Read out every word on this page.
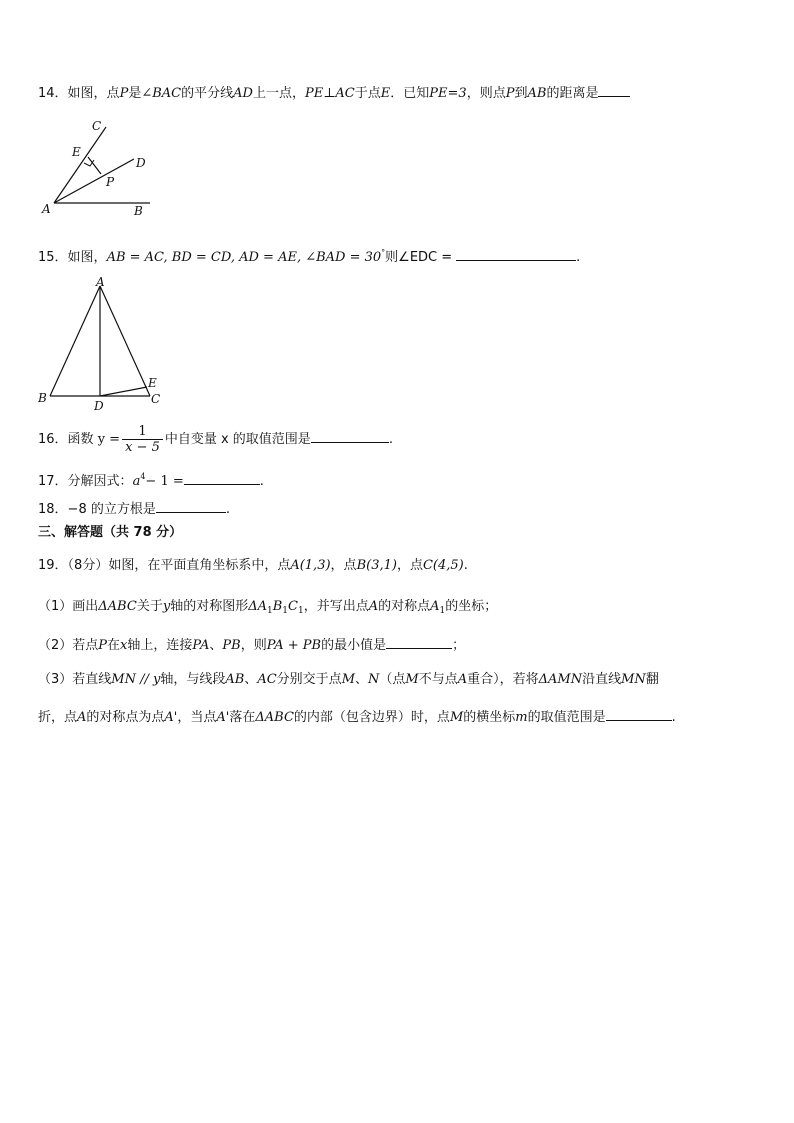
14．如图，点P是∠BAC的平分线AD上一点，PE⊥AC于点E．已知PE=3，则点P到AB的距离是
C
E
D
P
A	B
15．如图，AB = AC, BD = CD, AD = AE, ∠BAD = 30°则∠EDC =	.
A
B
D	C
E
16．函数 $y = \frac{1}{x - 5}$ 中自变量 x 的取值范围是	.
17．分解因式：$a^4- 1$ =	.
18．−8 的立方根是	.
三、解答题（共 78 分）
19．（8分）如图，在平面直角坐标系中，点A(1,3)，点B(3,1)，点C(4,5).
（1）画出ΔABC关于y轴的对称图形$\Delta A_1B_1C_1$，并写出点A的对称点$A_1$的坐标；
（2）若点P在x轴上，连接PA、PB，则PA + PB的最小值是	；
（3）若直线MN // y轴，与线段AB、AC分别交于点M、N（点M不与点A重合），若将ΔAMN沿直线MN翻
折，点A的对称点为点A'，当点A'落在ΔABC的内部（包含边界）时，点M的横坐标m的取值范围是	.
